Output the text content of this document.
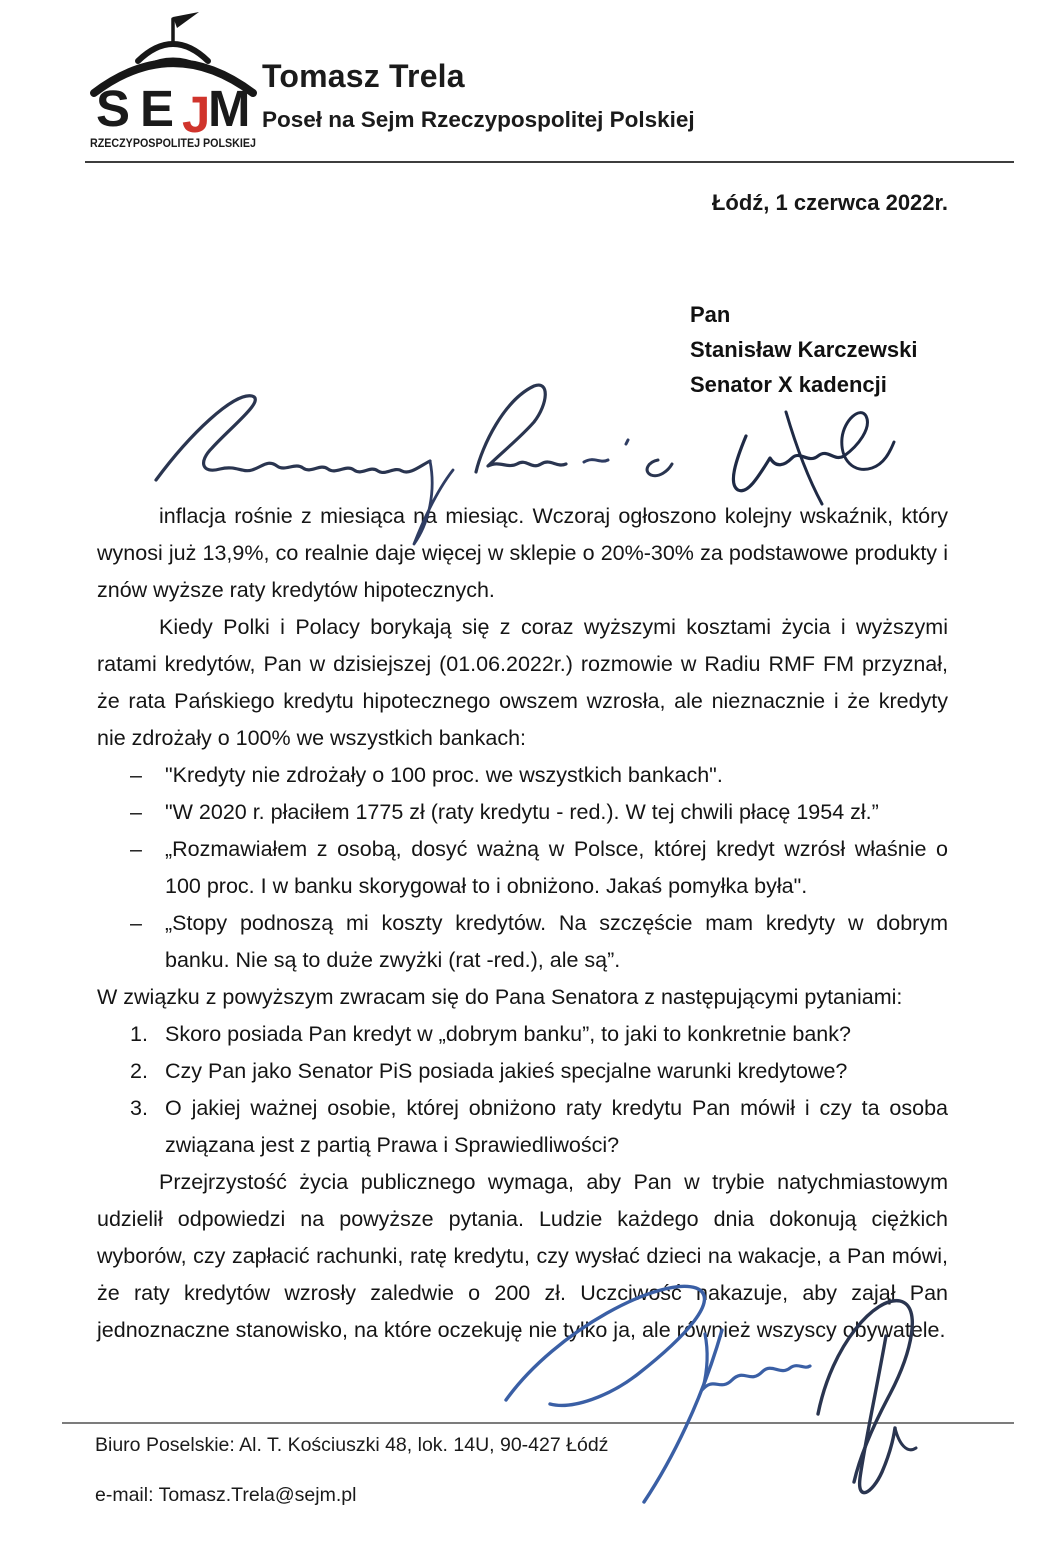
S E J M
RZECZYPOSPOLITEJ POLSKIEJ
Tomasz Trela
Poseł na Sejm Rzeczypospolitej Polskiej
Łódź, 1 czerwca 2022r.
Pan
Stanisław Karczewski
Senator X kadencji

inflacja rośnie z miesiąca na miesiąc. Wczoraj ogłoszono kolejny wskaźnik, który wynosi już 13,9%, co realnie daje więcej w sklepie o 20%-30% za podstawowe produkty i znów wyższe raty kredytów hipotecznych.

Kiedy Polki i Polacy borykają się z coraz wyższymi kosztami życia i wyższymi ratami kredytów, Pan w dzisiejszej (01.06.2022r.) rozmowie w Radiu RMF FM przyznał, że rata Pańskiego kredytu hipotecznego owszem wzrosła, ale nieznacznie i że kredyty nie zdrożały o 100% we wszystkich bankach:

– "Kredyty nie zdrożały o 100 proc. we wszystkich bankach".
– "W 2020 r. płaciłem 1775 zł (raty kredytu - red.). W tej chwili płacę 1954 zł.”
– „Rozmawiałem z osobą, dosyć ważną w Polsce, której kredyt wzrósł właśnie o 100 proc. I w banku skorygował to i obniżono. Jakaś pomyłka była".
– „Stopy podnoszą mi koszty kredytów. Na szczęście mam kredyty w dobrym banku. Nie są to duże zwyżki (rat -red.), ale są”.

W związku z powyższym zwracam się do Pana Senatora z następującymi pytaniami:

1. Skoro posiada Pan kredyt w „dobrym banku”, to jaki to konkretnie bank?
2. Czy Pan jako Senator PiS posiada jakieś specjalne warunki kredytowe?
3. O jakiej ważnej osobie, której obniżono raty kredytu Pan mówił i czy ta osoba związana jest z partią Prawa i Sprawiedliwości?

Przejrzystość życia publicznego wymaga, aby Pan w trybie natychmiastowym udzielił odpowiedzi na powyższe pytania. Ludzie każdego dnia dokonują ciężkich wyborów, czy zapłacić rachunki, ratę kredytu, czy wysłać dzieci na wakacje, a Pan mówi, że raty kredytów wzrosły zaledwie o 200 zł. Uczciwość nakazuje, aby zajął Pan jednoznaczne stanowisko, na które oczekuję nie tylko ja, ale również wszyscy obywatele.

Biuro Poselskie: Al. T. Kościuszki 48, lok. 14U, 90-427 Łódź
e-mail: Tomasz.Trela@sejm.pl
